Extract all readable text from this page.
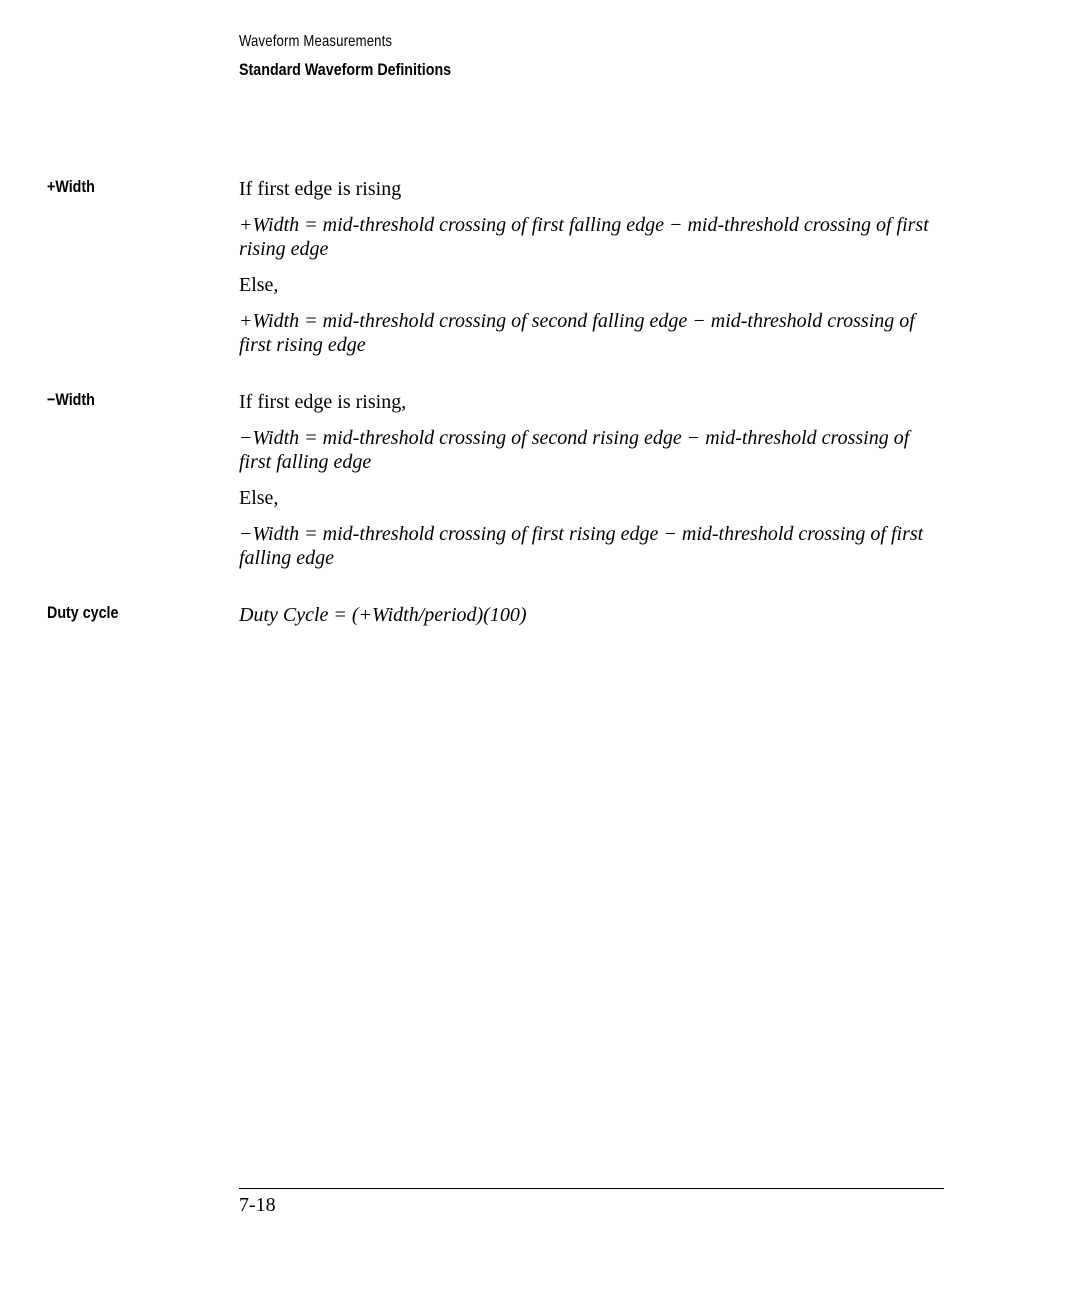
Waveform Measurements
Standard Waveform Definitions
+Width	If first edge is rising

+Width = mid-threshold crossing of first falling edge − mid-threshold crossing of first rising edge

Else,

+Width = mid-threshold crossing of second falling edge − mid-threshold crossing of first rising edge

−Width	If first edge is rising,

−Width = mid-threshold crossing of second rising edge − mid-threshold crossing of first falling edge

Else,

−Width = mid-threshold crossing of first rising edge − mid-threshold crossing of first falling edge

Duty cycle	Duty Cycle = (+Width/period)(100)

7-18
